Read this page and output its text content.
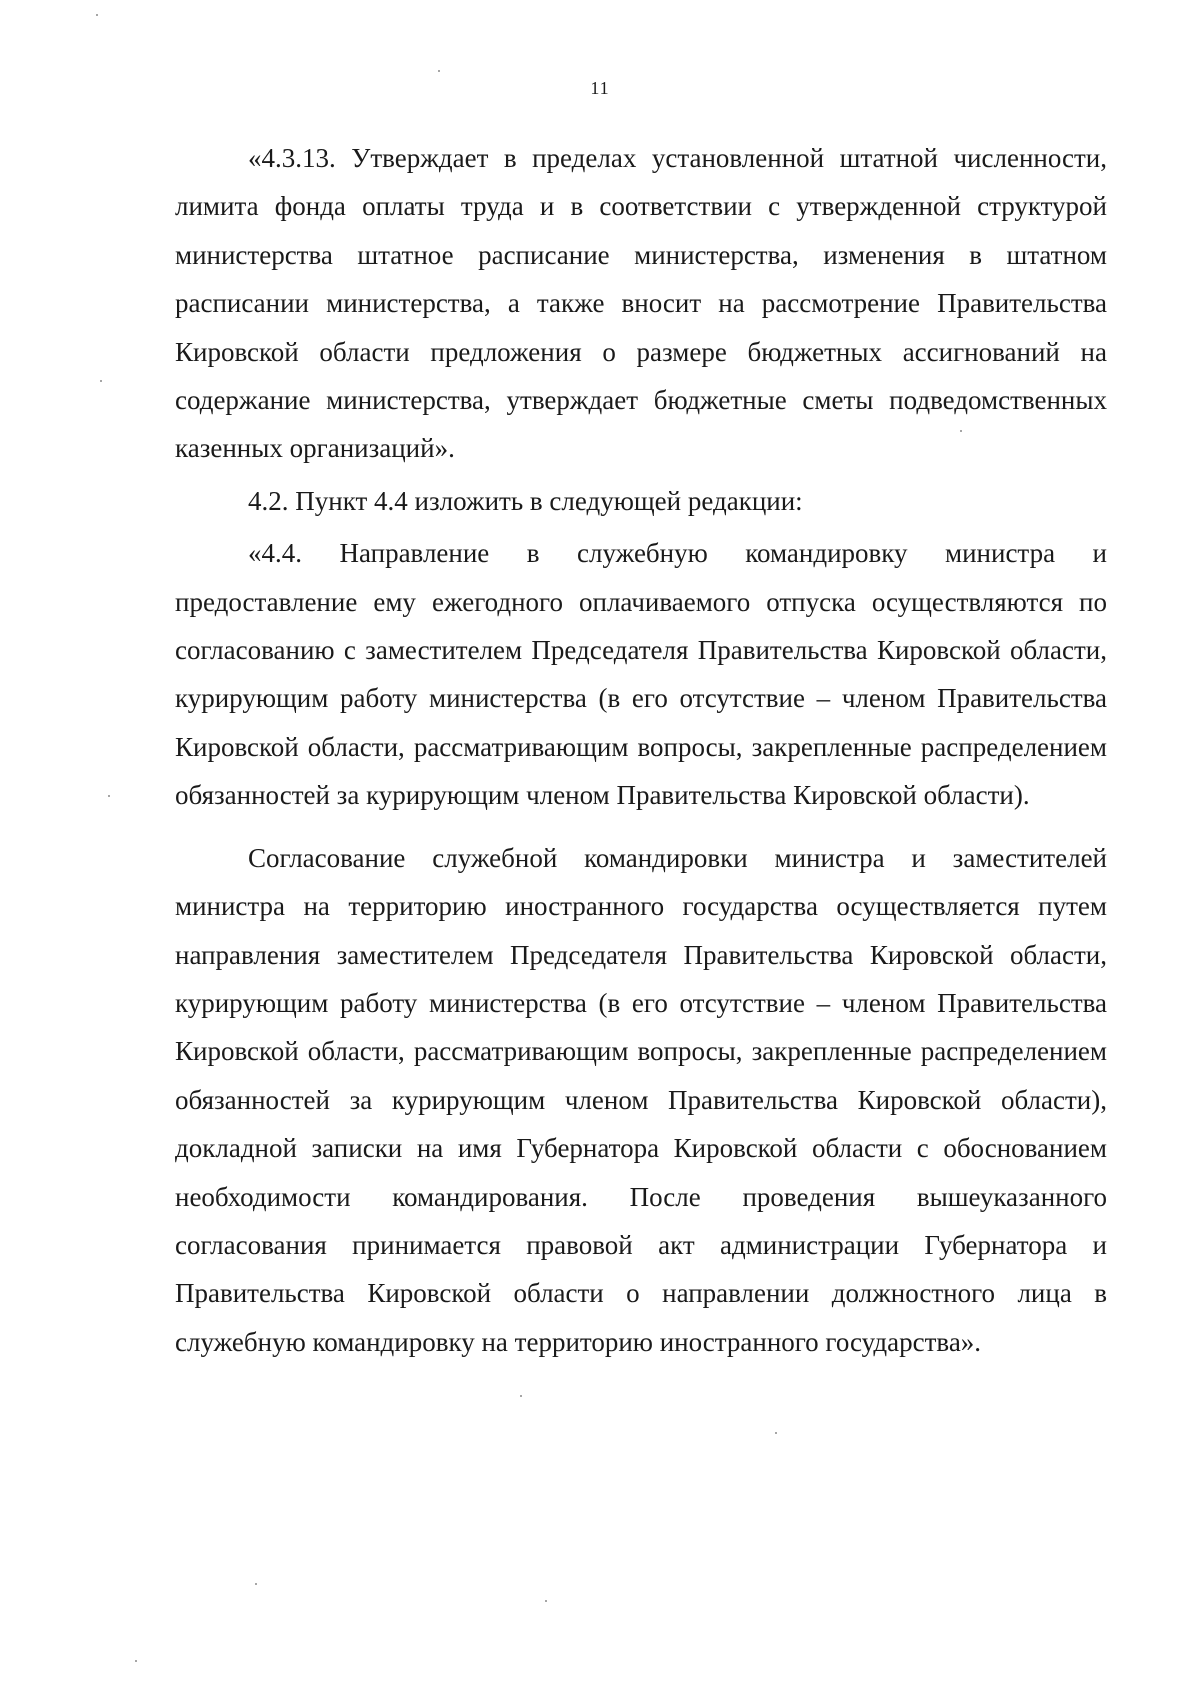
11

«4.3.13. Утверждает в пределах установленной штатной численности, лимита фонда оплаты труда и в соответствии с утвержденной структурой министерства штатное расписание министерства, изменения в штатном расписании министерства, а также вносит на рассмотрение Правительства Кировской области предложения о размере бюджетных ассигнований на содержание министерства, утверждает бюджетные сметы подведомственных казенных организаций».

4.2. Пункт 4.4 изложить в следующей редакции:

«4.4. Направление в служебную командировку министра и предоставление ему ежегодного оплачиваемого отпуска осуществляются по согласованию с заместителем Председателя Правительства Кировской области, курирующим работу министерства (в его отсутствие – членом Правительства Кировской области, рассматривающим вопросы, закрепленные распределением обязанностей за курирующим членом Правительства Кировской области).

Согласование служебной командировки министра и заместителей министра на территорию иностранного государства осуществляется путем направления заместителем Председателя Правительства Кировской области, курирующим работу министерства (в его отсутствие – членом Правительства Кировской области, рассматривающим вопросы, закрепленные распределением обязанностей за курирующим членом Правительства Кировской области), докладной записки на имя Губернатора Кировской области с обоснованием необходимости командирования. После проведения вышеуказанного согласования принимается правовой акт администрации Губернатора и Правительства Кировской области о направлении должностного лица в служебную командировку на территорию иностранного государства».
